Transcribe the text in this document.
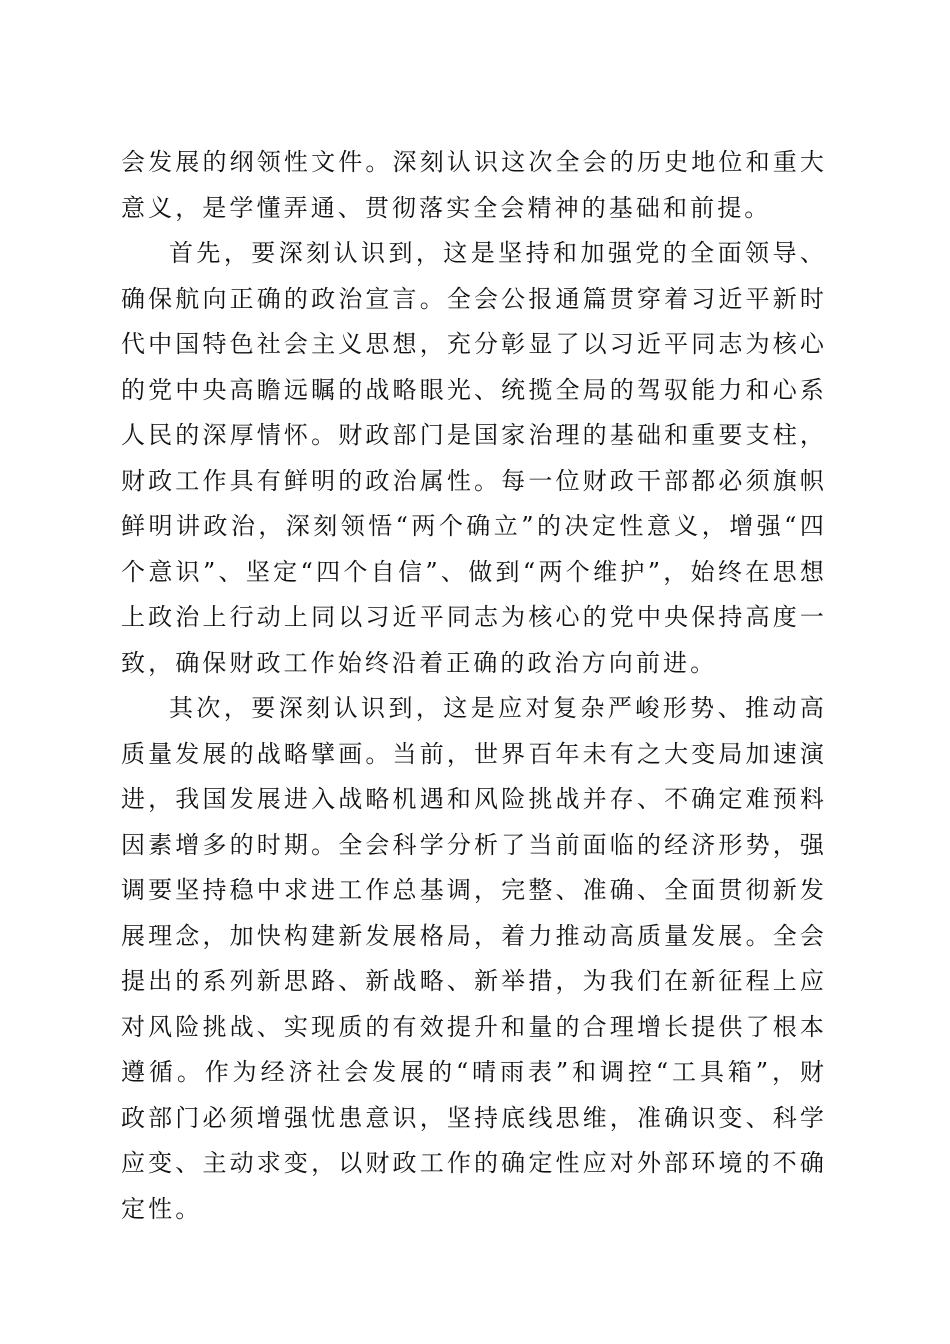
会发展的纲领性文件。深刻认识这次全会的历史地位和重大意义，是学懂弄通、贯彻落实全会精神的基础和前提。

首先，要深刻认识到，这是坚持和加强党的全面领导、确保航向正确的政治宣言。全会公报通篇贯穿着习近平新时代中国特色社会主义思想，充分彰显了以习近平同志为核心的党中央高瞻远瞩的战略眼光、统揽全局的驾驭能力和心系人民的深厚情怀。财政部门是国家治理的基础和重要支柱，财政工作具有鲜明的政治属性。每一位财政干部都必须旗帜鲜明讲政治，深刻领悟“两个确立”的决定性意义，增强“四个意识”、坚定“四个自信”、做到“两个维护”，始终在思想上政治上行动上同以习近平同志为核心的党中央保持高度一致，确保财政工作始终沿着正确的政治方向前进。

其次，要深刻认识到，这是应对复杂严峻形势、推动高质量发展的战略擘画。当前，世界百年未有之大变局加速演进，我国发展进入战略机遇和风险挑战并存、不确定难预料因素增多的时期。全会科学分析了当前面临的经济形势，强调要坚持稳中求进工作总基调，完整、准确、全面贯彻新发展理念，加快构建新发展格局，着力推动高质量发展。全会提出的系列新思路、新战略、新举措，为我们在新征程上应对风险挑战、实现质的有效提升和量的合理增长提供了根本遵循。作为经济社会发展的“晴雨表”和调控“工具箱”，财政部门必须增强忧患意识，坚持底线思维，准确识变、科学应变、主动求变，以财政工作的确定性应对外部环境的不确定性。
